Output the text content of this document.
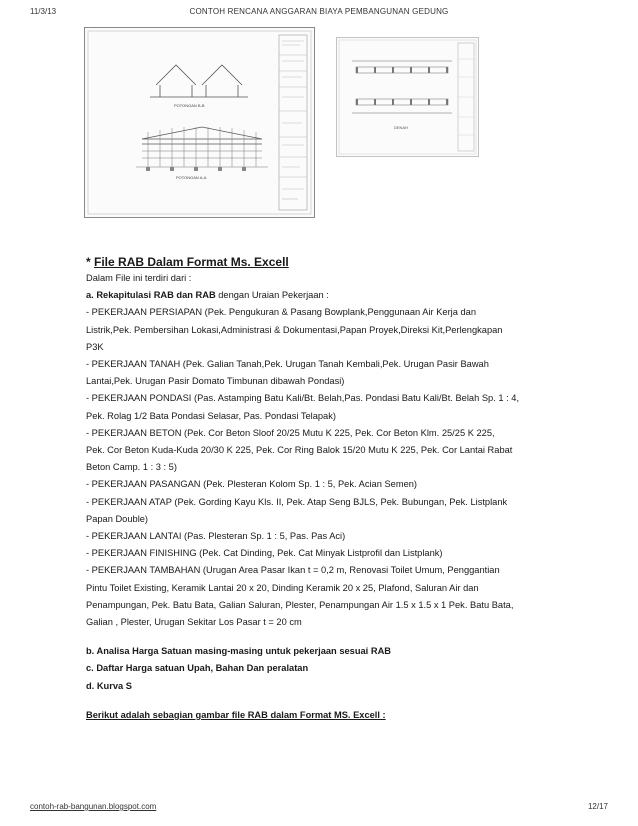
11/3/13	CONTOH RENCANA ANGGARAN BIAYA PEMBANGUNAN GEDUNG
POTONGAN B-B
POTONGAN A-A
DENAH

* File RAB Dalam Format Ms. Excell

Dalam File ini terdiri dari :

a. Rekapitulasi RAB dan RAB dengan Uraian Pekerjaan :

- PEKERJAAN PERSIAPAN (Pek. Pengukuran & Pasang Bowplank,Penggunaan Air Kerja dan

Listrik,Pek. Pembersihan Lokasi,Administrasi & Dokumentasi,Papan Proyek,Direksi Kit,Perlengkapan

P3K

- PEKERJAAN TANAH (Pek. Galian Tanah,Pek. Urugan Tanah Kembali,Pek. Urugan Pasir Bawah

Lantai,Pek. Urugan Pasir Domato Timbunan dibawah Pondasi)

- PEKERJAAN PONDASI (Pas. Astamping Batu Kali/Bt. Belah,Pas. Pondasi Batu Kali/Bt. Belah Sp. 1 : 4,

Pek. Rolag 1/2 Bata Pondasi Selasar, Pas. Pondasi Telapak)

- PEKERJAAN BETON (Pek. Cor Beton Sloof 20/25 Mutu K 225, Pek. Cor Beton Klm. 25/25 K 225,

Pek. Cor Beton Kuda-Kuda 20/30 K 225, Pek. Cor Ring Balok 15/20 Mutu K 225, Pek. Cor Lantai Rabat

Beton Camp. 1 : 3 : 5)

- PEKERJAAN PASANGAN (Pek. Plesteran Kolom Sp. 1 : 5, Pek. Acian Semen)

- PEKERJAAN ATAP (Pek. Gording Kayu Kls. II, Pek. Atap Seng BJLS, Pek. Bubungan, Pek. Listplank

Papan Double)

- PEKERJAAN LANTAI (Pas. Plesteran Sp. 1 : 5, Pas. Pas Aci)

- PEKERJAAN FINISHING (Pek. Cat Dinding, Pek. Cat Minyak Listprofil dan Listplank)

- PEKERJAAN TAMBAHAN (Urugan Area Pasar Ikan t = 0,2 m, Renovasi Toilet Umum, Penggantian

Pintu Toilet Existing, Keramik Lantai 20 x 20, Dinding Keramik 20 x 25, Plafond, Saluran Air dan

Penampungan, Pek. Batu Bata, Galian Saluran, Plester, Penampungan Air 1.5 x 1.5 x 1 Pek. Batu Bata,

Galian , Plester, Urugan Sekitar Los Pasar t = 20 cm

b. Analisa Harga Satuan masing-masing untuk pekerjaan sesuai RAB

c. Daftar Harga satuan Upah, Bahan Dan peralatan

d. Kurva S

Berikut adalah sebagian gambar file RAB dalam Format MS. Excell :

contoh-rab-bangunan.blogspot.com	12/17
